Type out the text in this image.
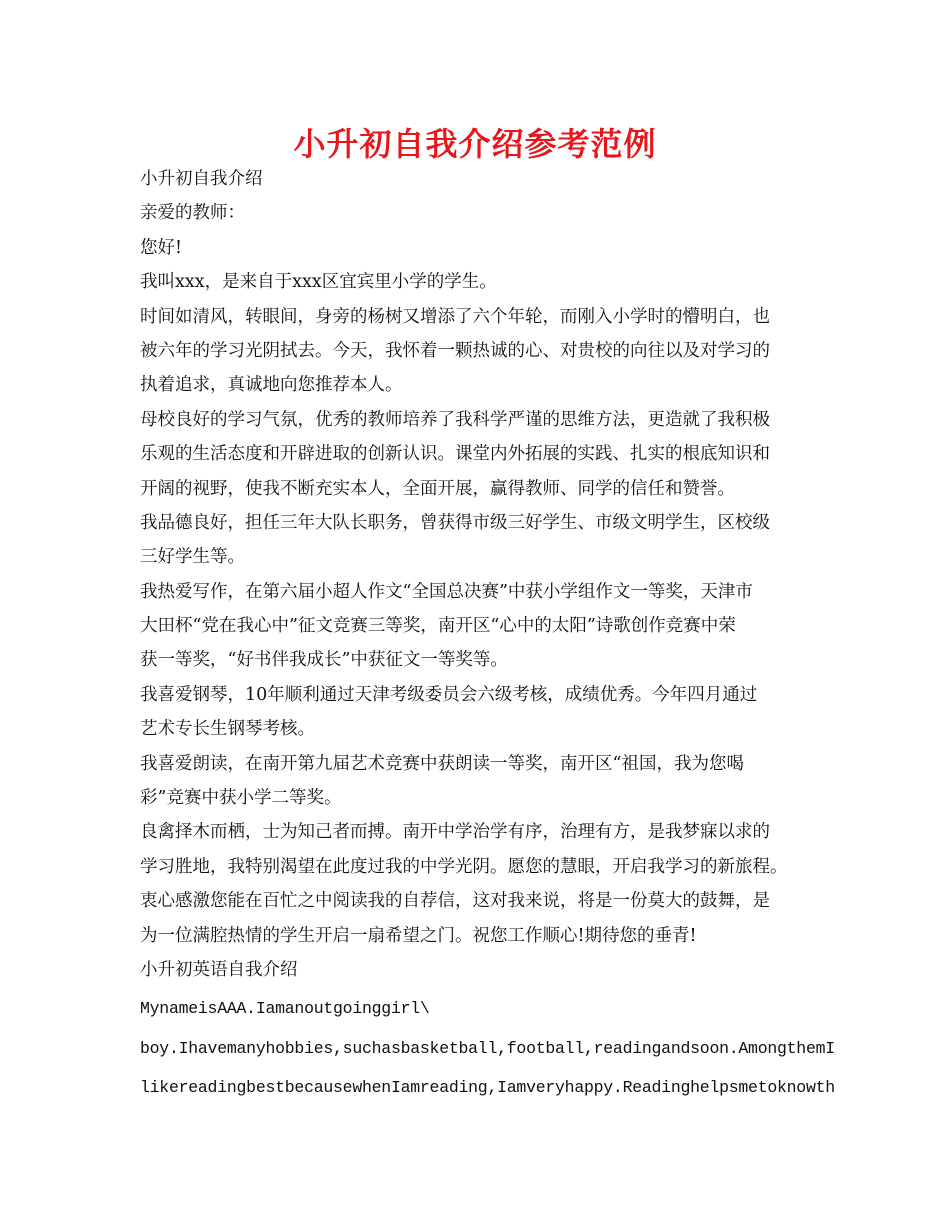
小升初自我介绍参考范例
小升初自我介绍
亲爱的教师：
您好!
我叫xxx，是来自于xxx区宜宾里小学的学生。
时间如清风，转眼间，身旁的杨树又增添了六个年轮，而刚入小学时的懵明白，也
被六年的学习光阴拭去。今天，我怀着一颗热诚的心、对贵校的向往以及对学习的
执着追求，真诚地向您推荐本人。
母校良好的学习气氛，优秀的教师培养了我科学严谨的思维方法，更造就了我积极
乐观的生活态度和开辟进取的创新认识。课堂内外拓展的实践、扎实的根底知识和
开阔的视野，使我不断充实本人，全面开展，赢得教师、同学的信任和赞誉。
我品德良好，担任三年大队长职务，曾获得市级三好学生、市级文明学生，区校级
三好学生等。
我热爱写作，在第六届小超人作文“全国总决赛”中获小学组作文一等奖，天津市
大田杯“党在我心中”征文竞赛三等奖，南开区“心中的太阳”诗歌创作竞赛中荣
获一等奖，“好书伴我成长”中获征文一等奖等。
我喜爱钢琴，10年顺利通过天津考级委员会六级考核，成绩优秀。今年四月通过
艺术专长生钢琴考核。
我喜爱朗读，在南开第九届艺术竞赛中获朗读一等奖，南开区“祖国，我为您喝
彩”竞赛中获小学二等奖。
良禽择木而栖，士为知己者而搏。南开中学治学有序，治理有方，是我梦寐以求的
学习胜地，我特别渴望在此度过我的中学光阴。愿您的慧眼，开启我学习的新旅程。
衷心感激您能在百忙之中阅读我的自荐信，这对我来说，将是一份莫大的鼓舞，是
为一位满腔热情的学生开启一扇希望之门。祝您工作顺心!期待您的垂青!
小升初英语自我介绍
MynameisAAA.Iamanoutgoinggirl\
boy.Ihavemanyhobbies,suchasbasketball,football,readingandsoon.AmongthemI
likereadingbestbecausewhenIamreading,Iamveryhappy.Readinghelpsmetoknowth
